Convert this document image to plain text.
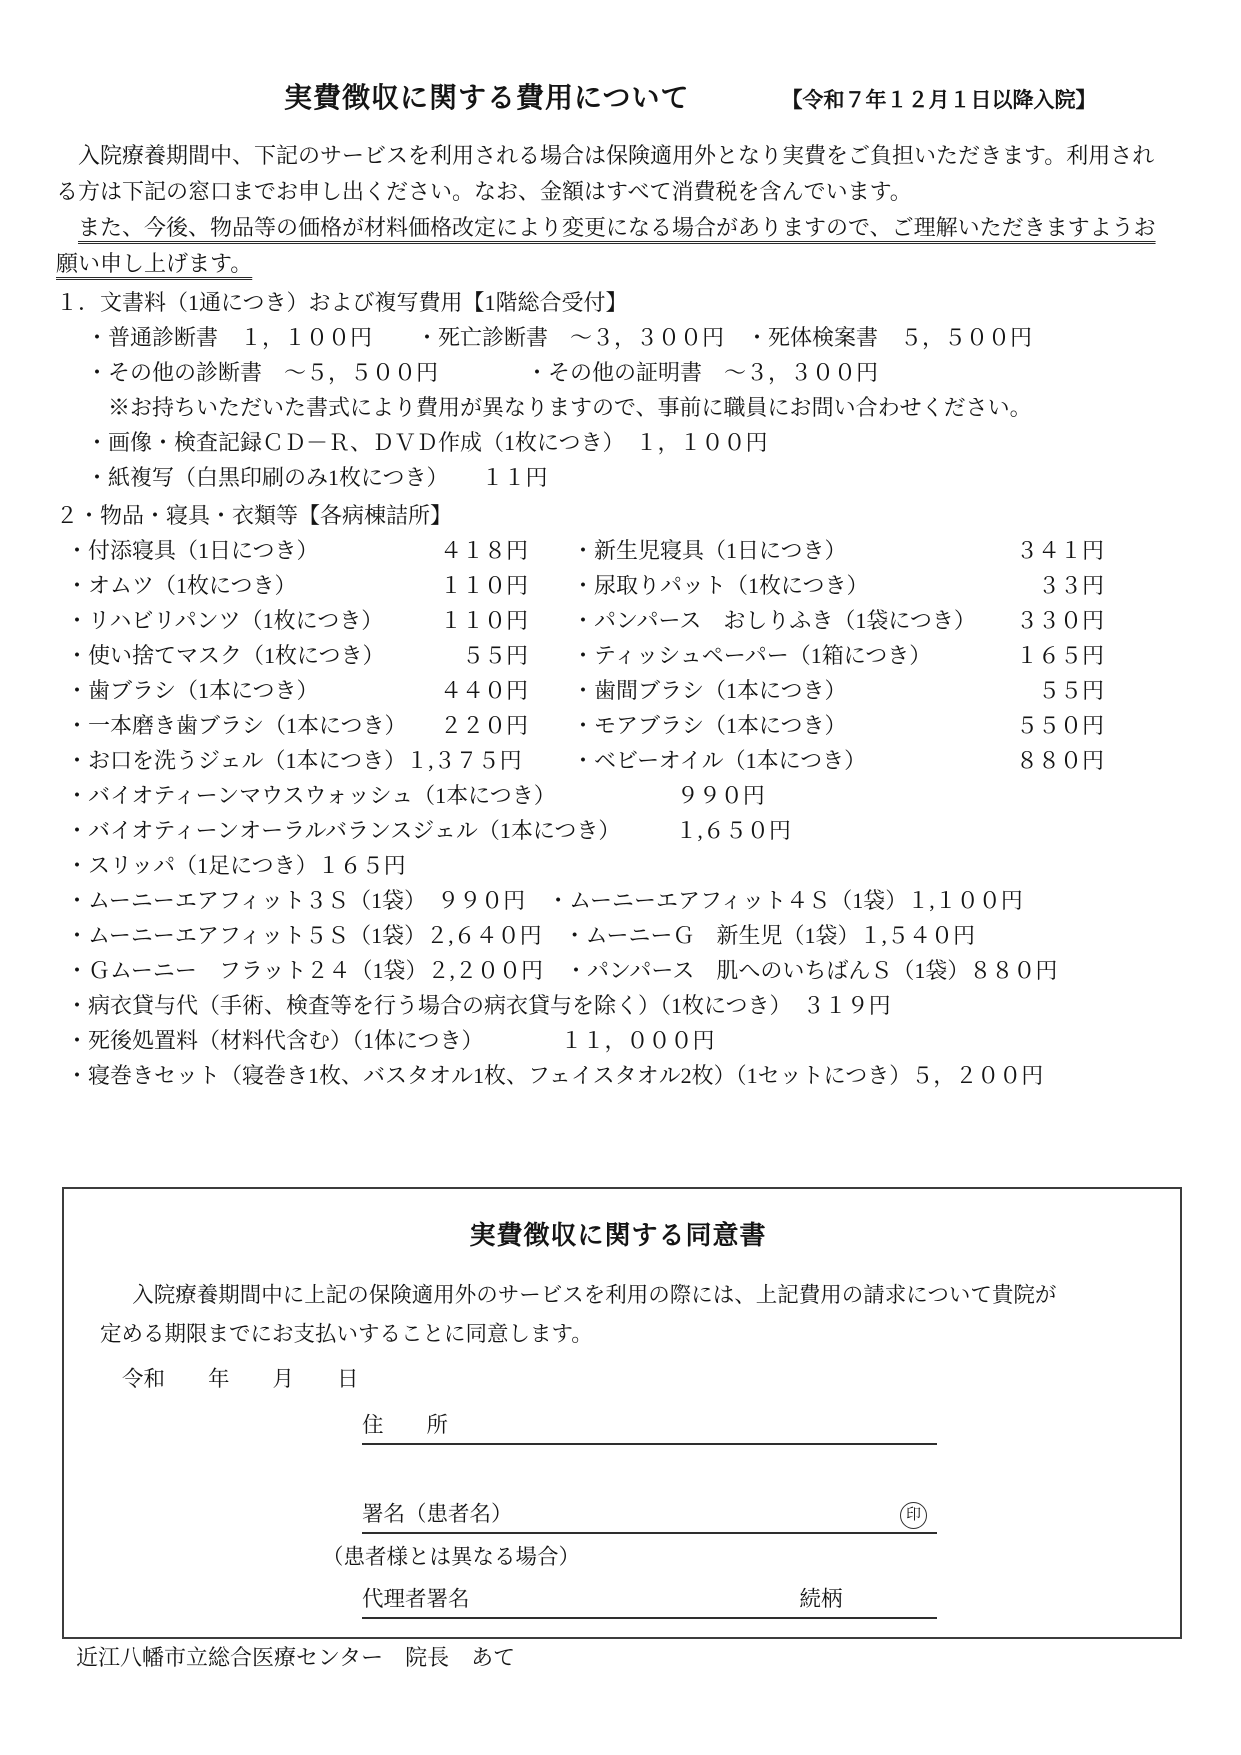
実費徴収に関する費用について	【令和７年１２月１日以降入院】

入院療養期間中、下記のサービスを利用される場合は保険適用外となり実費をご負担いただきます。利用される方は下記の窓口までお申し出ください。なお、金額はすべて消費税を含んでいます。

また、今後、物品等の価格が材料価格改定により変更になる場合がありますので、ご理解いただきますようお願い申し上げます。

１．文書料（1通につき）および複写費用【1階総合受付】
・普通診断書　１，１００円　　・死亡診断書　～３，３００円　・死体検案書　５，５００円
・その他の診断書　～５，５００円　　　　・その他の証明書　～３，３００円
　※お持ちいただいた書式により費用が異なりますので、事前に職員にお問い合わせください。
・画像・検査記録ＣＤ－Ｒ、ＤＶＤ作成（1枚につき）　１，１００円
・紙複写（白黒印刷のみ1枚につき）　　１１円
２・物品・寝具・衣類等【各病棟詰所】
・付添寝具（1日につき）	４１８円 ・新生児寝具（1日につき）	３４１円
・オムツ（1枚につき）	１１０円 ・尿取りパット（1枚につき）	３３円
・リハビリパンツ（1枚につき）	１１０円 ・パンパース　おしりふき（1袋につき） ３３０円
・使い捨てマスク（1枚につき）	５５円 ・ティッシュペーパー（1箱につき）	１６５円
・歯ブラシ（1本につき）	４４０円 ・歯間ブラシ（1本につき）	５５円
・一本磨き歯ブラシ（1本につき） ２２０円 ・モアブラシ（1本につき）	５５０円
・お口を洗うジェル（1本につき）１,３７５円 ・ベビーオイル（1本につき）	８８０円
・バイオティーンマウスウォッシュ（1本につき）　　　　　　９９０円
・バイオティーンオーラルバランスジェル（1本につき）　　　１,６５０円
・スリッパ（1足につき）１６５円
・ムーニーエアフィット３Ｓ（1袋）　９９０円　・ムーニーエアフィット４Ｓ（1袋）１,１００円
・ムーニーエアフィット５Ｓ（1袋）２,６４０円　・ムーニーＧ　新生児（1袋）１,５４０円
・Ｇムーニー　フラット２４（1袋）２,２００円　・パンパース　肌へのいちばんＳ（1袋）８８０円
・病衣貸与代（手術、検査等を行う場合の病衣貸与を除く）（1枚につき）　３１９円
・死後処置料（材料代含む）（1体につき）　　　　１１，０００円
・寝巻きセット（寝巻き1枚、バスタオル1枚、フェイスタオル2枚）（1セットにつき）５，２００円
実費徴収に関する同意書

入院療養期間中に上記の保険適用外のサービスを利用の際には、上記費用の請求について貴院が定める期限までにお支払いすることに同意します。

令和　　年　　月　　日
住　　所
署名（患者名）	印
（患者様とは異なる場合）
代理者署名	続柄
近江八幡市立総合医療センター　院長　あて
